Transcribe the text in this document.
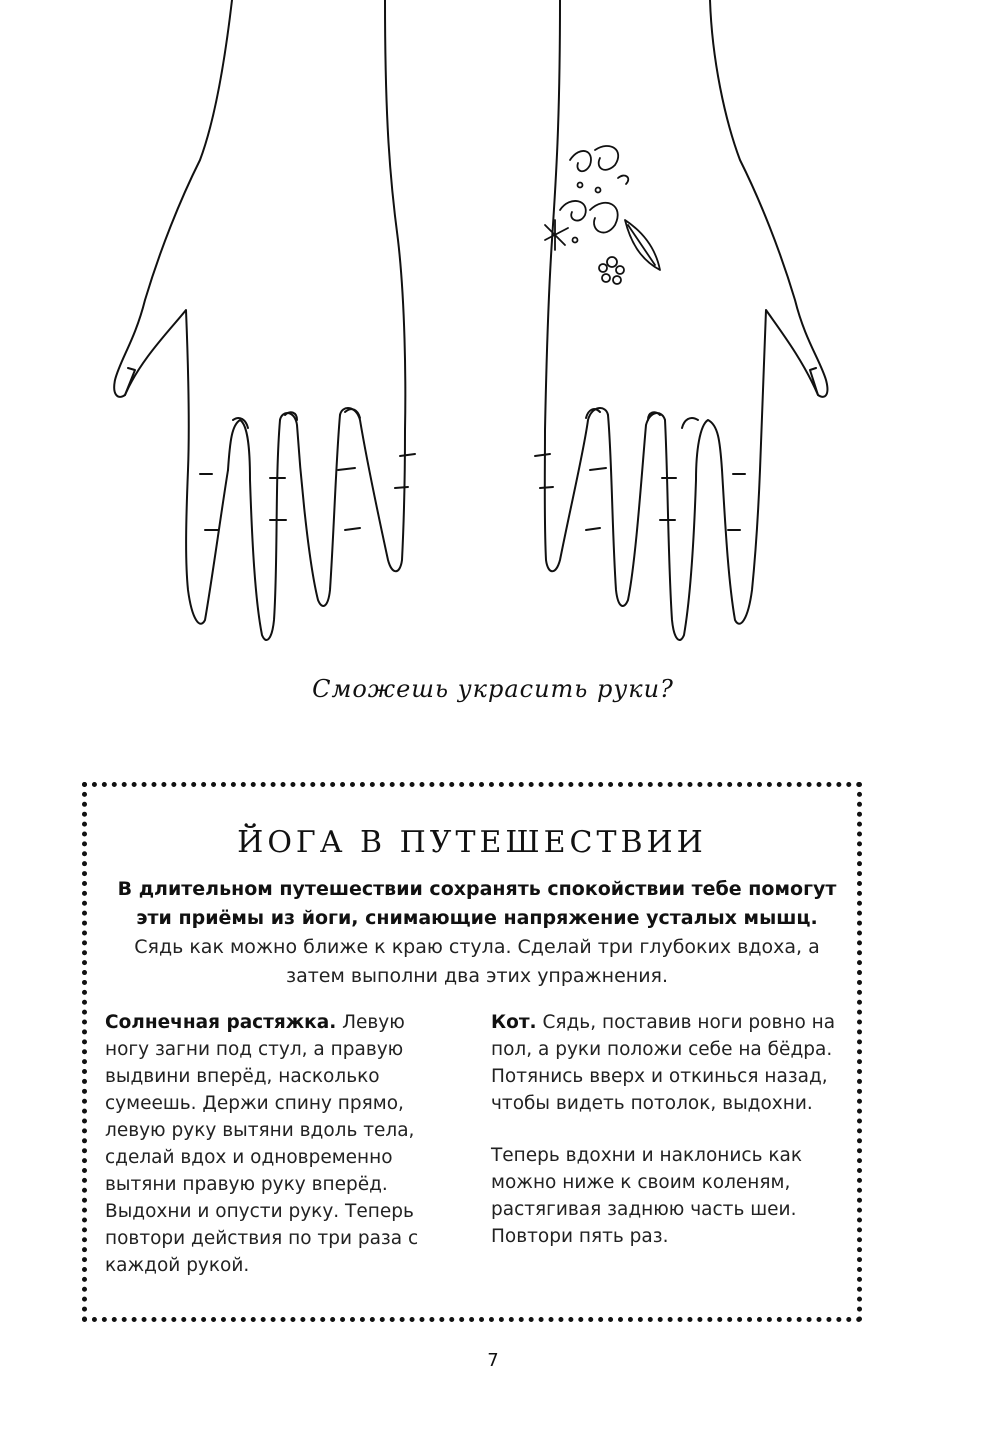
Сможешь украсить руки?
ЙОГА В ПУТЕШЕСТВИИ
В длительном путешествии сохранять спокойствии тебе помогут эти приёмы из йоги, снимающие напряжение усталых мышц.
Сядь как можно ближе к краю стула. Сделай три глубоких вдоха, а затем выполни два этих упражнения.

Солнечная растяжка. Левую ногу загни под стул, а правую выдвини вперёд, насколько сумеешь. Держи спину прямо, левую руку вытяни вдоль тела, сделай вдох и одновременно вытяни правую руку вперёд. Выдохни и опусти руку. Теперь повтори действия по три раза с каждой рукой.

Кот. Сядь, поставив ноги ровно на пол, а руки положи себе на бёдра. Потянись вверх и откинься назад, чтобы видеть потолок, выдохни.

Теперь вдохни и наклонись как можно ниже к своим коленям, растягивая заднюю часть шеи. Повтори пять раз.

7
